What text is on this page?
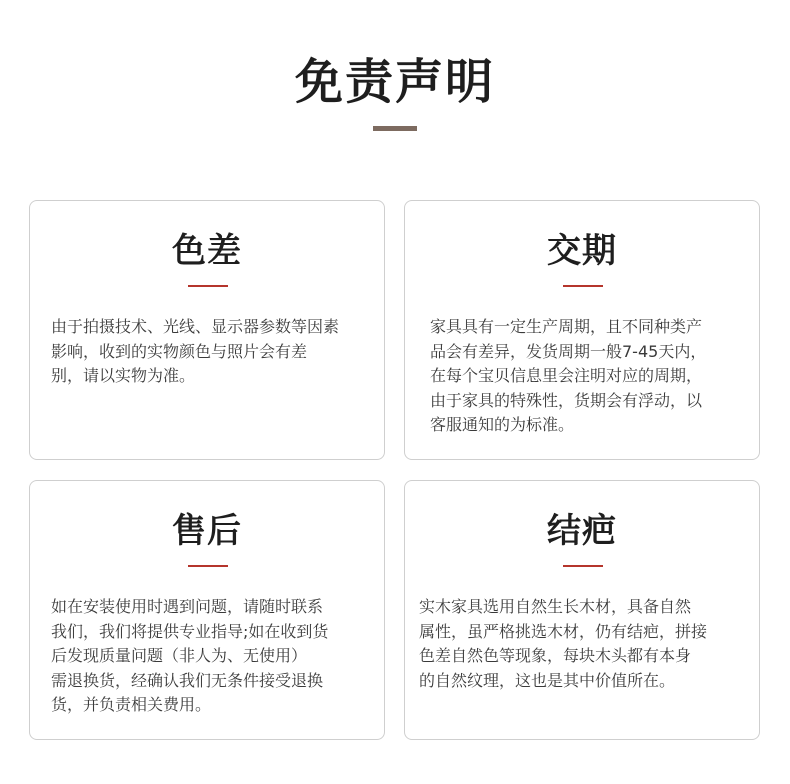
免责声明
色差

由于拍摄技术、光线、显示器参数等因素
影响，收到的实物颜色与照片会有差
别，请以实物为准。

交期

家具具有一定生产周期，且不同种类产
品会有差异，发货周期一般7-45天内，
在每个宝贝信息里会注明对应的周期，
由于家具的特殊性，货期会有浮动，以
客服通知的为标准。

售后

如在安装使用时遇到问题，请随时联系
我们，我们将提供专业指导;如在收到货
后发现质量问题（非人为、无使用）
需退换货，经确认我们无条件接受退换
货，并负责相关费用。

结疤

实木家具选用自然生长木材，具备自然
属性，虽严格挑选木材，仍有结疤，拼接
色差自然色等现象，每块木头都有本身
的自然纹理，这也是其中价值所在。
